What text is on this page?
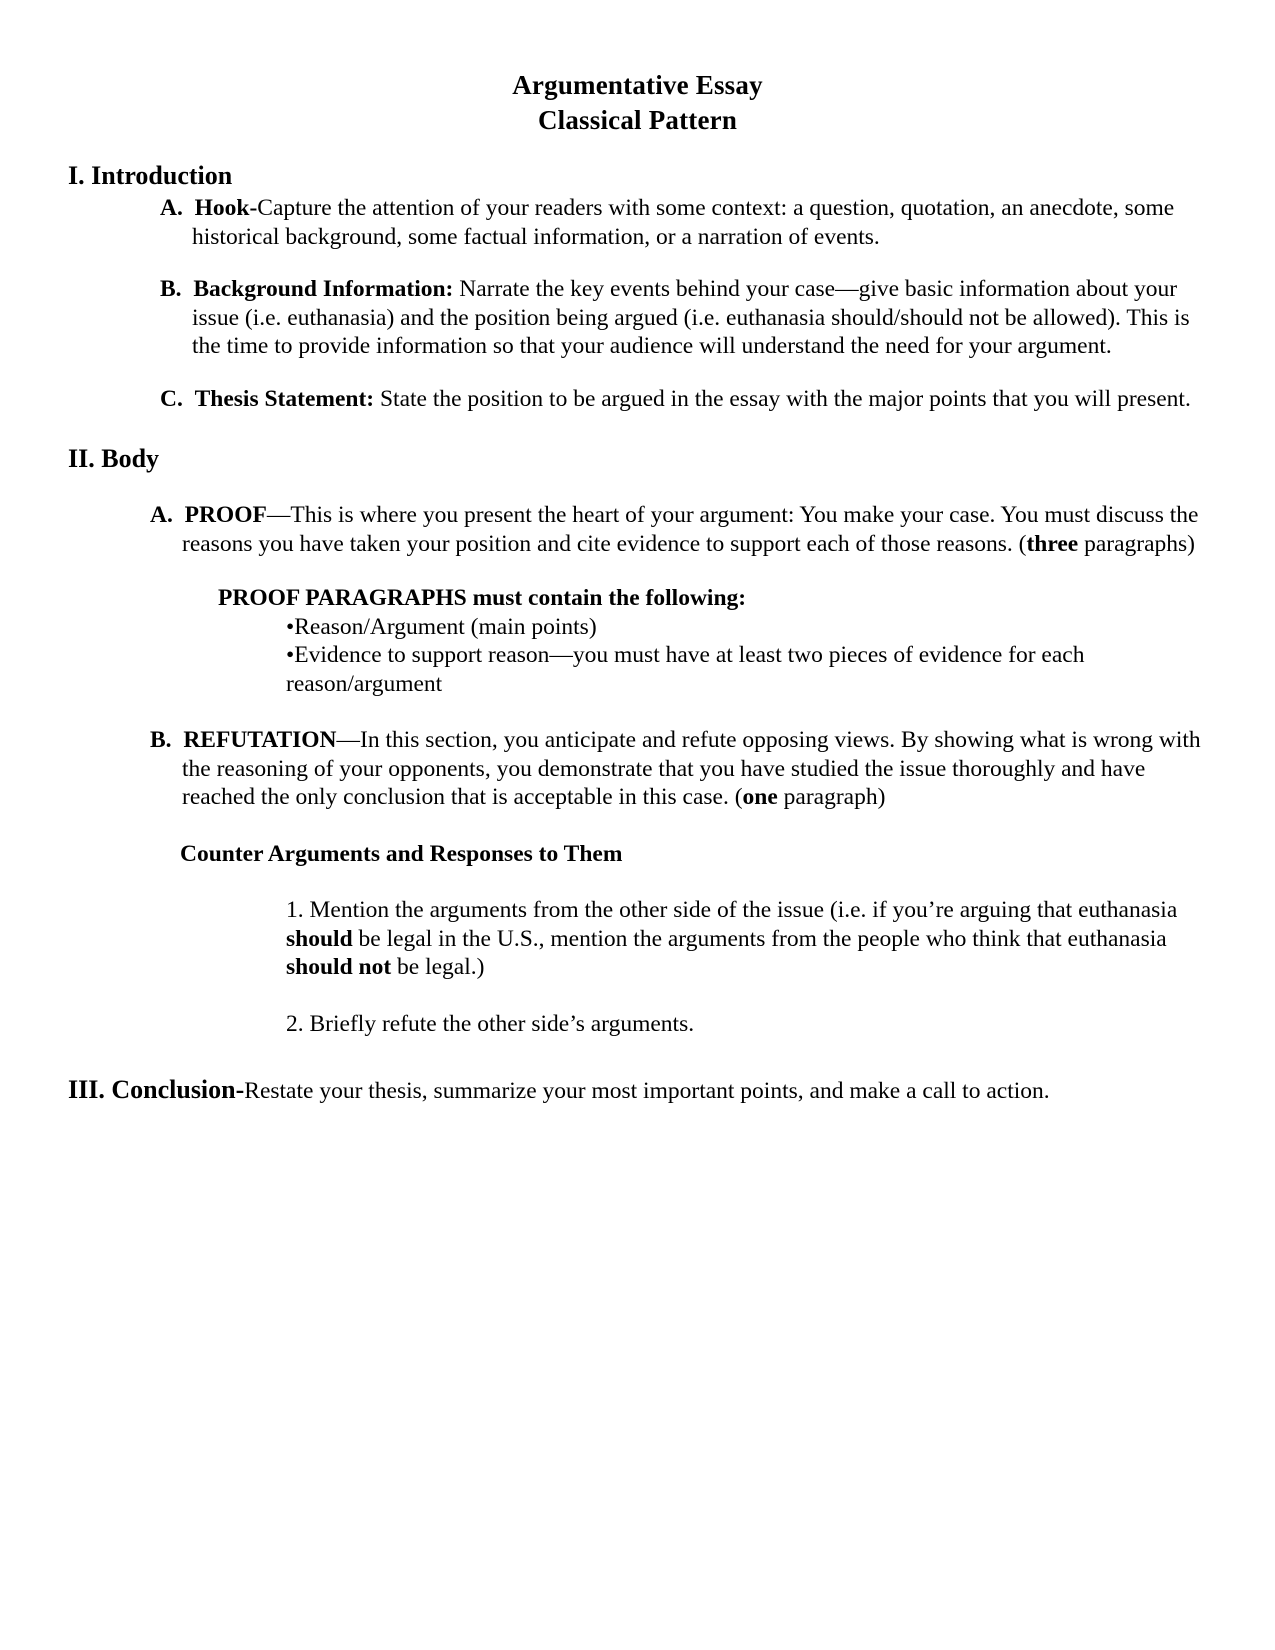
Argumentative Essay
Classical Pattern
I. Introduction
A. Hook-Capture the attention of your readers with some context: a question, quotation, an anecdote, some historical background, some factual information, or a narration of events.
B. Background Information: Narrate the key events behind your case—give basic information about your issue (i.e. euthanasia) and the position being argued (i.e. euthanasia should/should not be allowed). This is the time to provide information so that your audience will understand the need for your argument.
C. Thesis Statement: State the position to be argued in the essay with the major points that you will present.
II. Body
A. PROOF—This is where you present the heart of your argument: You make your case. You must discuss the reasons you have taken your position and cite evidence to support each of those reasons. (three paragraphs)
PROOF PARAGRAPHS must contain the following:
•Reason/Argument (main points)
•Evidence to support reason—you must have at least two pieces of evidence for each reason/argument
B. REFUTATION—In this section, you anticipate and refute opposing views. By showing what is wrong with the reasoning of your opponents, you demonstrate that you have studied the issue thoroughly and have reached the only conclusion that is acceptable in this case. (one paragraph)
Counter Arguments and Responses to Them
1. Mention the arguments from the other side of the issue (i.e. if you’re arguing that euthanasia should be legal in the U.S., mention the arguments from the people who think that euthanasia should not be legal.)
2. Briefly refute the other side’s arguments.
III. Conclusion-Restate your thesis, summarize your most important points, and make a call to action.
